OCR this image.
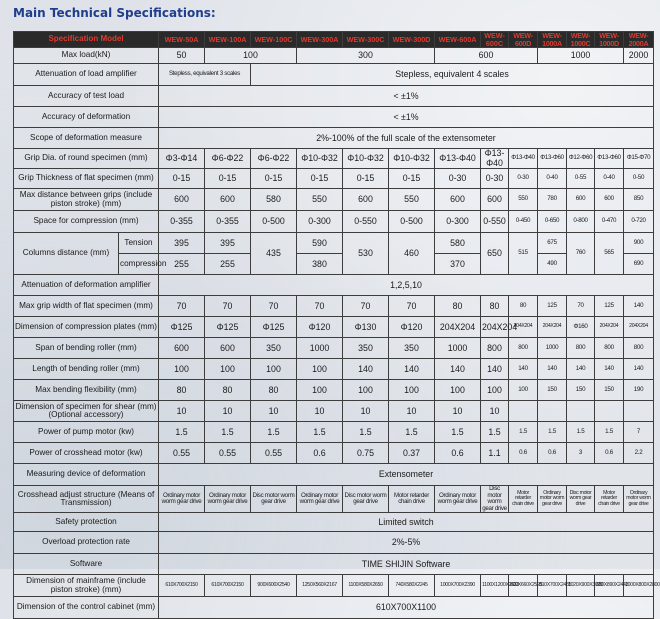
Main Technical Specifications:
Specification Model		WEW-50A	WEW-100A	WEW-100C	WEW-300A	WEW-300C	WEW-300D	WEW-600A	WEW-600C	WEW-600D	WEW-1000A	WEW-1000C	WEW-1000D	WEW-2000A
Max load(kN)		50	100		300			600			1000			2000
Attenuation of load amplifier		Stepless, equivalent 3 scales		Stepless, equivalent 4 scales										
Accuracy of test load		< ±1%												
Accuracy of deformation		< ±1%												
Scope of deformation measure		2%-100% of the full scale of the extensometer												
Grip Dia. of round specimen (mm)		Φ3-Φ14	Φ6-Φ22	Φ6-Φ22	Φ10-Φ32	Φ10-Φ32	Φ10-Φ32	Φ13-Φ40	Φ13-Φ40	Φ13-Φ40	Φ13-Φ60	Φ12-Φ60	Φ13-Φ60	Φ15-Φ70
Grip Thickness of flat specimen (mm)		0-15	0-15	0-15	0-15	0-15	0-15	0-30	0-30	0-30	0-40	0-55	0-40	0-50
Max distance between grips (include piston stroke) (mm)		600	600	580	550	600	550	600	600	550	780	600	600	850
Space for compression (mm)		0-355	0-355	0-500	0-300	0-550	0-500	0-300	0-550	0-450	0-650	0-800	0-470	0-720
Columns distance (mm)	Tension	395	395	435	590	530	460	580	650	515	675	760	565	900
	compression	255	255		380			370			490			690
Attenuation of deformation amplifier		1,2,5,10												
Max grip width of flat specimen (mm)		70	70	70	70	70	70	80	80	80	125	70	125	140
Dimension of compression plates (mm)		Φ125	Φ125	Φ125	Φ120	Φ130	Φ120	204X204	204X204	204X204	204X204	Φ160	204X204	204X204
Span of bending roller (mm)		600	600	350	1000	350	350	1000	800	800	1000	800	800	800
Length of bending roller (mm)		100	100	100	100	140	140	140	140	140	140	140	140	140
Max bending flexibility (mm)		80	80	80	100	100	100	100	100	100	150	150	150	190
Dimension of specimen for shear (mm) (Optional accessory)		10	10	10	10	10	10	10	10					
Power of pump motor (kw)		1.5	1.5	1.5	1.5	1.5	1.5	1.5	1.5	1.5	1.5	1.5	1.5	7
Power of crosshead motor (kw)		0.55	0.55	0.55	0.6	0.75	0.37	0.6	1.1	0.6	0.6	3	0.6	2.2
Measuring device of deformation		Extensometer												
Crosshead adjust structure (Means of Transmission)		Ordinary motor worm gear drive	Ordinary motor worm gear drive	Disc motor worm gear drive	Ordinary motor worm gear drive	Disc motor worm gear drive	Motor retarder chain drive	Ordinary motor worm gear drive	Disc motor worm gear drive	Motor retarder chain drive	Ordinary motor worm gear drive	Disc motor worm gear drive	Motor retarder chain drive	Ordinary motor worm gear drive
Safety protection		Limited switch												
Overload protection rate		2%-5%												
Software		TIME SHIJIN Software												
Dimension of mainframe (include piston stroke) (mm)		610X700X2150	610X700X2150	900X600X2540	1250X560X2167	1100X580X2650	740X580X2245	1000X700X2390	1100X1200X2633	800X660X2525	810X700X2485	1020X900X3020	880X890X2443	1000X800X2800
Dimension of the control cabinet (mm)		610X700X1100												
